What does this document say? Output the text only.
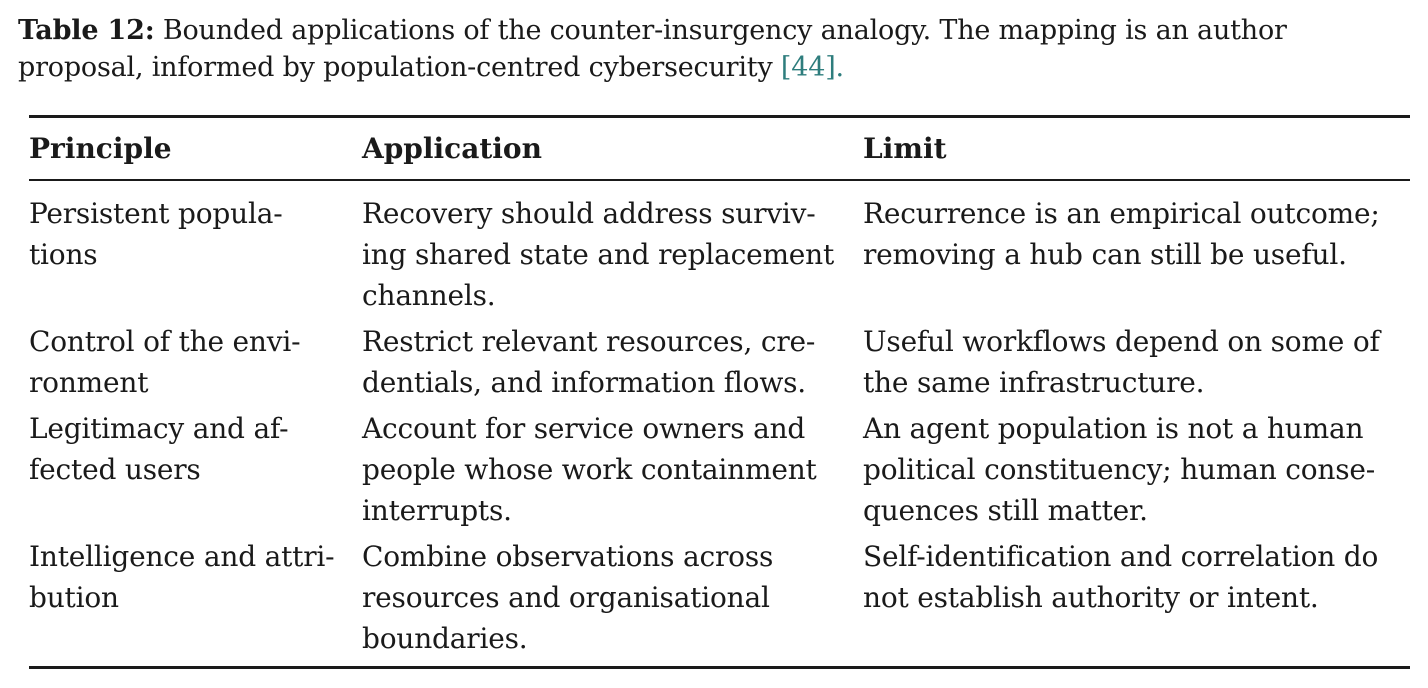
Table 12: Bounded applications of the counter-insurgency analogy. The mapping is an author proposal, informed by population-centred cybersecurity [44].

Principle	Application	Limit

Persistent popula-
tions

Recovery should address surviv-
ing shared state and replacement
channels.

Recurrence is an empirical outcome;
removing a hub can still be useful.

Control of the envi-
ronment

Restrict relevant resources, cre-
dentials, and information flows.

Useful workflows depend on some of
the same infrastructure.

Legitimacy and af-
fected users

Account for service owners and
people whose work containment
interrupts.

An agent population is not a human
political constituency; human conse-
quences still matter.

Intelligence and attri-
bution

Combine observations across
resources and organisational
boundaries.

Self-identification and correlation do
not establish authority or intent.
